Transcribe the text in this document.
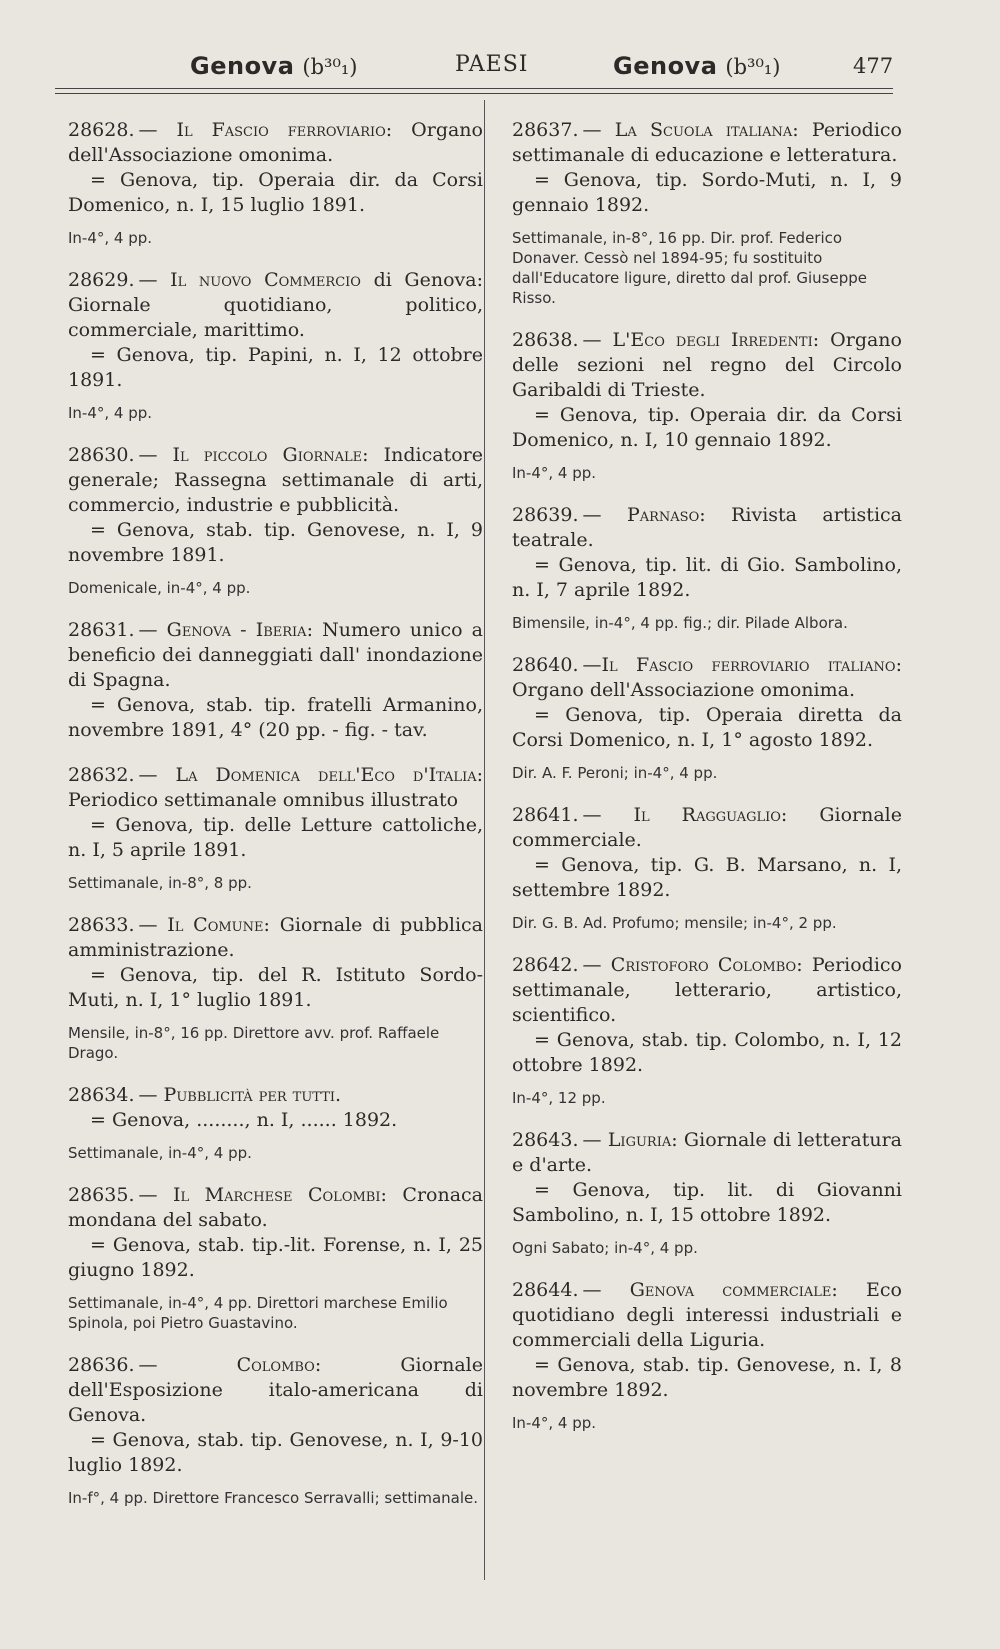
Genova (b³⁰₁)	PAESI	Genova (b³⁰₁)	477
28628. — Il Fascio ferroviario: Organo dell'Associazione omonima.
= Genova, tip. Operaia dir. da Corsi Domenico, n. I, 15 luglio 1891.
In-4°, 4 pp.
28629. — Il nuovo Commercio di Genova: Giornale quotidiano, politico, commerciale, marittimo.
= Genova, tip. Papini, n. I, 12 ottobre 1891.
In-4°, 4 pp.
28630. — Il piccolo Giornale: Indicatore generale; Rassegna settimanale di arti, commercio, industrie e pubblicità.
= Genova, stab. tip. Genovese, n. I, 9 novembre 1891.
Domenicale, in-4°, 4 pp.
28631. — Genova - Iberia: Numero unico a beneficio dei danneggiati dall' inondazione di Spagna.
= Genova, stab. tip. fratelli Armanino, novembre 1891, 4° (20 pp. - fig. - tav.
28632. — La Domenica dell'Eco d'Italia: Periodico settimanale omnibus illustrato
= Genova, tip. delle Letture cattoliche, n. I, 5 aprile 1891.
Settimanale, in-8°, 8 pp.
28633. — Il Comune: Giornale di pubblica amministrazione.
= Genova, tip. del R. Istituto Sordo-Muti, n. I, 1° luglio 1891.
Mensile, in-8°, 16 pp. Direttore avv. prof. Raffaele Drago.
28634. — Pubblicità per tutti.
= Genova, ........, n. I, ...... 1892.
Settimanale, in-4°, 4 pp.
28635. — Il Marchese Colombi: Cronaca mondana del sabato.
= Genova, stab. tip.-lit. Forense, n. I, 25 giugno 1892.
Settimanale, in-4°, 4 pp. Direttori marchese Emilio Spinola, poi Pietro Guastavino.
28636. — Colombo: Giornale dell'Esposizione italo-americana di Genova.
= Genova, stab. tip. Genovese, n. I, 9-10 luglio 1892.
In-f°, 4 pp. Direttore Francesco Serravalli; settimanale.
28637. — La Scuola italiana: Periodico settimanale di educazione e letteratura.
= Genova, tip. Sordo-Muti, n. I, 9 gennaio 1892.
Settimanale, in-8°, 16 pp. Dir. prof. Federico Donaver. Cessò nel 1894-95; fu sostituito dall'Educatore ligure, diretto dal prof. Giuseppe Risso.
28638. — L'Eco degli Irredenti: Organo delle sezioni nel regno del Circolo Garibaldi di Trieste.
= Genova, tip. Operaia dir. da Corsi Domenico, n. I, 10 gennaio 1892.
In-4°, 4 pp.
28639. — Parnaso: Rivista artistica teatrale.
= Genova, tip. lit. di Gio. Sambolino, n. I, 7 aprile 1892.
Bimensile, in-4°, 4 pp. fig.; dir. Pilade Albora.
28640. —Il Fascio ferroviario italiano: Organo dell'Associazione omonima.
= Genova, tip. Operaia diretta da Corsi Domenico, n. I, 1° agosto 1892.
Dir. A. F. Peroni; in-4°, 4 pp.
28641. — Il Ragguaglio: Giornale commerciale.
= Genova, tip. G. B. Marsano, n. I, settembre 1892.
Dir. G. B. Ad. Profumo; mensile; in-4°, 2 pp.
28642. — Cristoforo Colombo: Periodico settimanale, letterario, artistico, scientifico.
= Genova, stab. tip. Colombo, n. I, 12 ottobre 1892.
In-4°, 12 pp.
28643. — Liguria: Giornale di letteratura e d'arte.
= Genova, tip. lit. di Giovanni Sambolino, n. I, 15 ottobre 1892.
Ogni Sabato; in-4°, 4 pp.
28644. — Genova commerciale: Eco quotidiano degli interessi industriali e commerciali della Liguria.
= Genova, stab. tip. Genovese, n. I, 8 novembre 1892.
In-4°, 4 pp.
